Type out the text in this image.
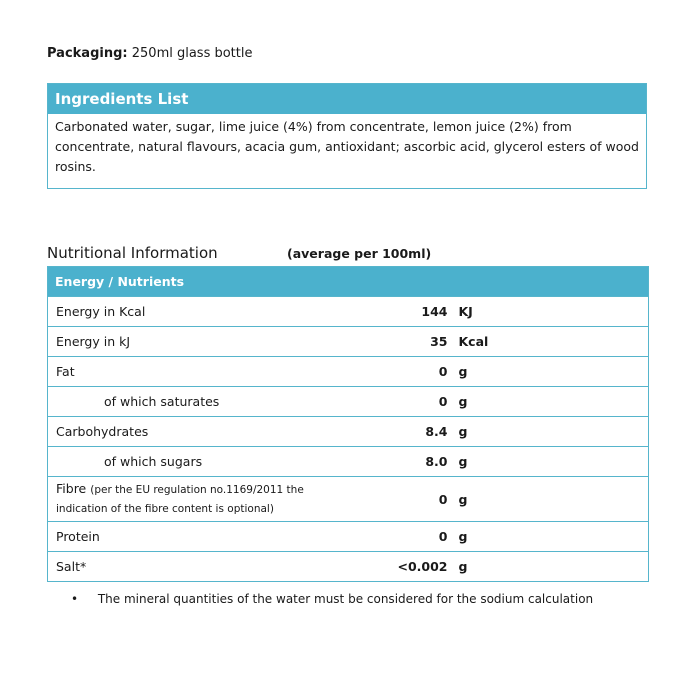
Packaging: 250ml glass bottle
Ingredients List
Carbonated water, sugar, lime juice (4%) from concentrate, lemon juice (2%) from concentrate, natural flavours, acacia gum, antioxidant; ascorbic acid, glycerol esters of wood rosins.
Nutritional Information	(average per 100ml)
Energy / Nutrients		
Energy in Kcal	144	KJ
Energy in kJ	35	Kcal
Fat	0	g
of which saturates	0	g
Carbohydrates	8.4	g
of which sugars	8.0	g

Fibre (per the EU regulation no.1169/2011 the indication of the fibre content is optional)	0	g
Protein	0	g
Salt*	<0.002	g
• The mineral quantities of the water must be considered for the sodium calculation
